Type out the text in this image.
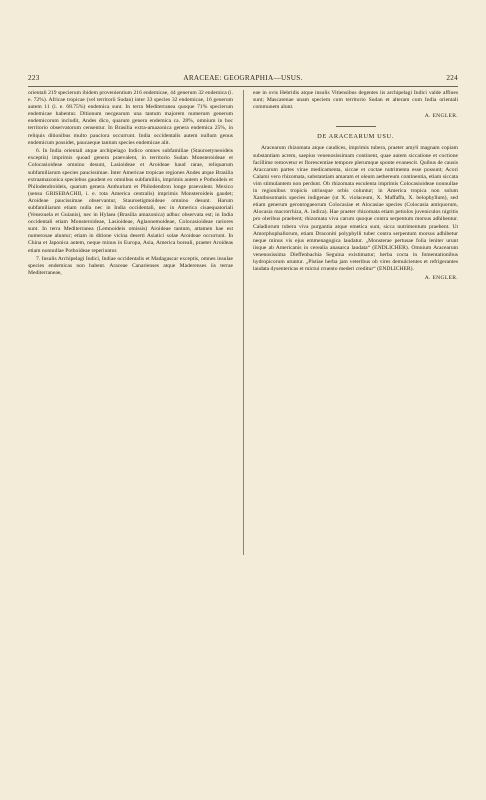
223	ARACEAE: GEOGRAPHIA—USUS.	224

orientali 219 specierum ibidem provenientium 216 endemicae, 44 generum 32 endemica (i. e. 72%). Africae tropicae (vel territorii Sudan) inter 33 species 32 endemicae, 16 generum autem 11 (i. e. 68.75%) endemica sunt. In terra Mediterranea quoque 71% specierum endemicae habentur. Ditionum necgearum una tantum majorem numerum generum endemicorum includit, Andes dico, quarum genera endemica ca. 28%, omnium in hoc territorio observatorum censentur. In Brasilia extra-amazonica genera endemica 25%, in reliquis ditionibus multo pauciora occurrunt. India occidentalis autem nullum genus endemicum possidet, paucaeque tantum species endemicae alit.

6. In India orientali atque archipelago Indico omnes subfamiliae (Stauroetyneoideis exceptis) imprimis quoad genera praevalent, in territorio Sudan Monsteroideae et Colocasioideae omnino desunt, Lasioideae et Aroideae haud rarae, reliquarum subfamiliarum species paucissimae. Inter Americae tropicae regiones Andes atque Brasilia extraamazonica speciebus gaudent ex omnibus subfamiliis, imprimis autem e Pothoideis et Philodendroideis, quarum genera Anthurium et Philodendron longe praevalent. Mexico (sensu GRISEBACHII, i. e. tota America centralis) imprimis Monsteroideis gaudet; Aroideae paucissimae observantur, Stauroetigmoideae omnino desunt. Harum subfamiliarum etiam nulla nec in India occidentali, nec in America cisaequatoriali (Venezuela et Guianis), nec in Hylaea (Brasilia amazonica) adhuc observata est; in India occidentali etiam Monsteroideae, Lasioideae, Aglaonemoideae, Colocasioideae rariores sunt. In terra Mediterranea (Lemnoideis omissis) Aroideae tantum, attamen hae est numerosae aluntur; etiam in ditione vicina deserti Asiatici solae Aroideae occurrunt. In China et Japonica autem, neque minus in Europa, Asia, America boreali, praeter Aroideas etiam nonnullae Pothoideae reperiuntur.

7. Insulis Archipelagi Indici, Indiae occidentalis et Madagascar exceptis, omnes insulae species endemicas non habent. Araceae Canarienses atque Maderenses iis terrae Mediterraneae,

eae in ovis Hebridis atque insulis Vitiensibus degentes iis archipelagi Indici valde affines sunt; Mascarenae unam speciem cum territorio Sudan et alteram cum India orientali communem alunt.

A. ENGLER.
DE ARACEARUM USU.

Aracearum rhizomata atque caudices, imprimis tubera, praeter amyli magnam copiam substantiam acrem, saepius venenosissimam continent, quae autem siccatione et coctione facillime removetur et florescentiae tempore plerumque sponte evanescit. Quibus de causis Araccarum partes virae medicamenta, siccae et coctae nutrimenta esse possunt; Acori Calami vero rhizomata, substantiam amaram et oleum aethereum continentia, etiam siccata vim stimulantem non perdunt. Ob rhizomata esculenta imprimis Colocasioideae nonnullae in regionibus tropicis utriusque orbis coluntur; in America tropica non solum Xanthosomatis species indigenae (ut X. violaceum, X. Maffaffa, X. belophyllum), sed etiam generum gerontogaeorum Colocasiae et Alocasiae species (Colocasia antiquorum, Alocasia macrorrhiza, A. indica). Hae praeter rhizomata etiam petiolos juveniculos nigritis pro oleribus praebent; rhizomata viva carum quoque contra serpentum morsus adhibentur. Caladiorum tubera viva purgantia atque emetica sunt, sicca nutrimentum praebent. Ut Amorphophallorum, etiam Draconiti polyphylli tuber contra serpentum morsus adhibetur neque minus vis ejus emmenagogica laudatur. „Monsterae pertusae folia leniter urunt iisque ab Americanis in cerealia anasarca laudata“ (ENDLICHER). Omnium Aracearum venenosissima Dieffenbachia Seguina existimatur; herba cocta in fomentationibus hydropicorum utuntur. „Pistiae herba jam veteribus ob vires demulcientes et refrigerantes laudata dysentericas et mictui cruento mederi creditur“ (ENDLICHER).

A. ENGLER.
